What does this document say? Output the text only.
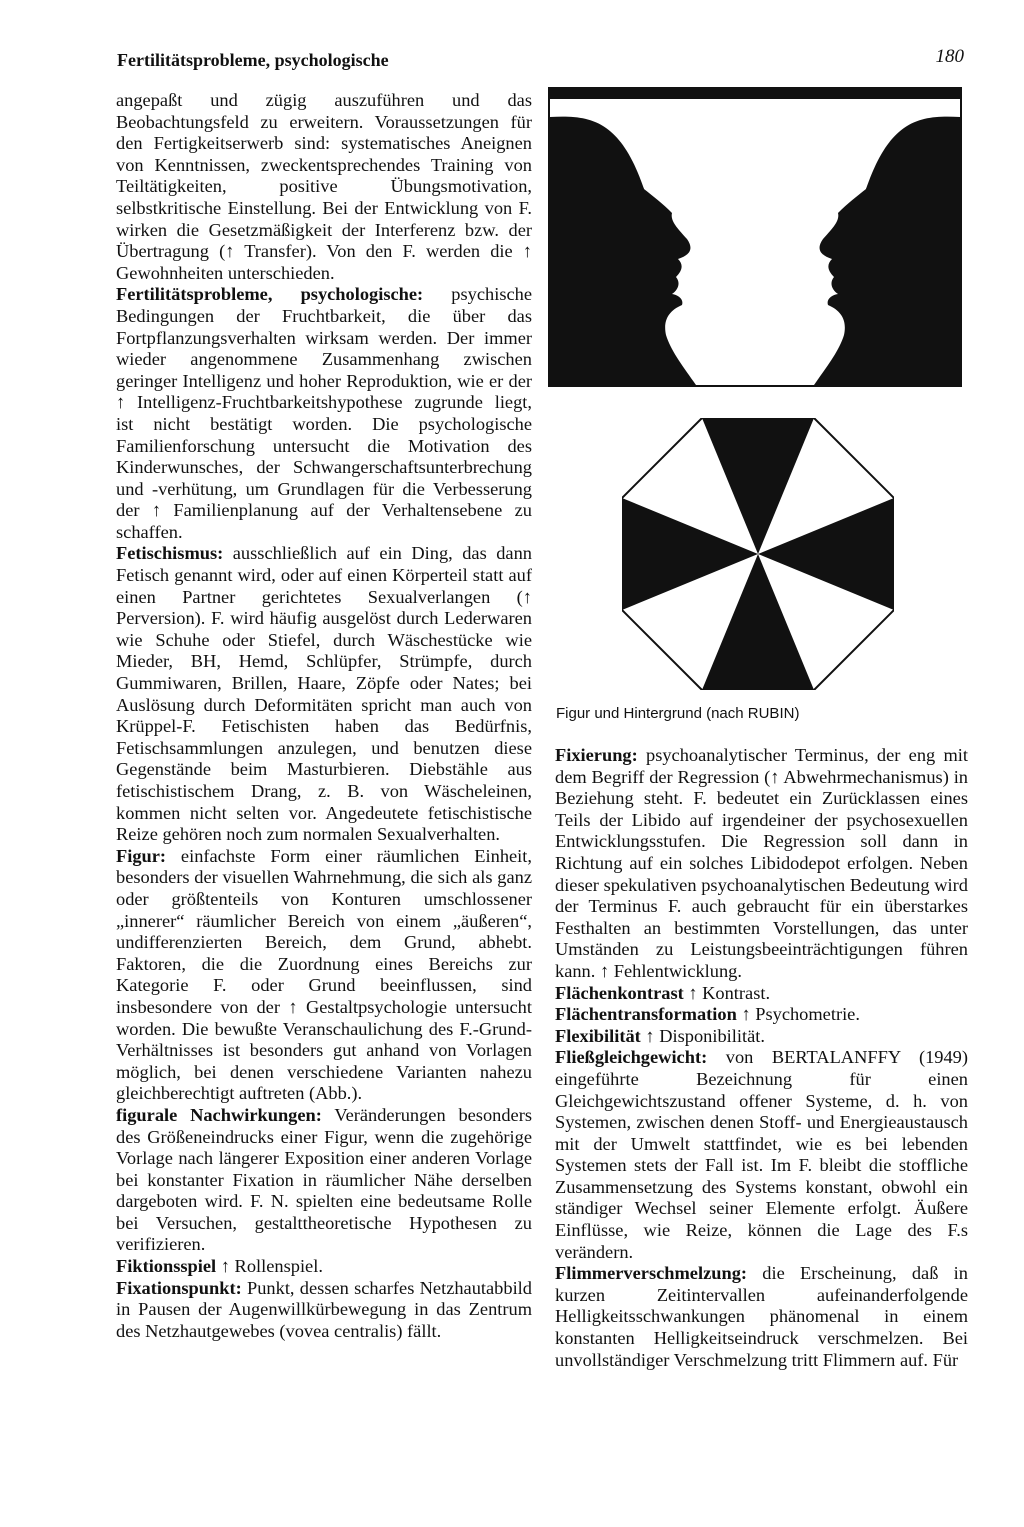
Fertilitätsprobleme, psychologische	180

angepaßt und zügig auszuführen und das Beobachtungsfeld zu erweitern. Voraussetzungen für den Fertigkeitserwerb sind: systematisches Aneignen von Kenntnissen, zweckentsprechendes Training von Teiltätigkeiten, positive Übungsmotivation, selbstkritische Einstellung. Bei der Entwicklung von F. wirken die Gesetzmäßigkeit der Interferenz bzw. der Übertragung (↑ Transfer). Von den F. werden die ↑ Gewohnheiten unterschieden.

Fertilitätsprobleme, psychologische: psychische Bedingungen der Fruchtbarkeit, die über das Fortpflanzungsverhalten wirksam werden. Der immer wieder angenommene Zusammenhang zwischen geringer Intelligenz und hoher Reproduktion, wie er der ↑ Intelligenz-Fruchtbarkeitshypothese zugrunde liegt, ist nicht bestätigt worden. Die psychologische Familienforschung untersucht die Motivation des Kinderwunsches, der Schwangerschaftsunterbrechung und -verhütung, um Grundlagen für die Verbesserung der ↑ Familienplanung auf der Verhaltensebene zu schaffen.

Fetischismus: ausschließlich auf ein Ding, das dann Fetisch genannt wird, oder auf einen Körperteil statt auf einen Partner gerichtetes Sexualverlangen (↑ Perversion). F. wird häufig ausgelöst durch Lederwaren wie Schuhe oder Stiefel, durch Wäschestücke wie Mieder, BH, Hemd, Schlüpfer, Strümpfe, durch Gummiwaren, Brillen, Haare, Zöpfe oder Nates; bei Auslösung durch Deformitäten spricht man auch von Krüppel-F. Fetischisten haben das Bedürfnis, Fetischsammlungen anzulegen, und benutzen diese Gegenstände beim Masturbieren. Diebstähle aus fetischistischem Drang, z. B. von Wäscheleinen, kommen nicht selten vor. Angedeutete fetischistische Reize gehören noch zum normalen Sexualverhalten.

Figur: einfachste Form einer räumlichen Einheit, besonders der visuellen Wahrnehmung, die sich als ganz oder größtenteils von Konturen umschlossener „innerer“ räumlicher Bereich von einem „äußeren“, undifferenzierten Bereich, dem Grund, abhebt. Faktoren, die die Zuordnung eines Bereichs zur Kategorie F. oder Grund beeinflussen, sind insbesondere von der ↑ Gestaltpsychologie untersucht worden. Die bewußte Veranschaulichung des F.-Grund-Verhältnisses ist besonders gut anhand von Vorlagen möglich, bei denen verschiedene Varianten nahezu gleichberechtigt auftreten (Abb.).

figurale Nachwirkungen: Veränderungen besonders des Größeneindrucks einer Figur, wenn die zugehörige Vorlage nach längerer Exposition einer anderen Vorlage bei konstanter Fixation in räumlicher Nähe derselben dargeboten wird. F. N. spielten eine bedeutsame Rolle bei Versuchen, gestalttheoretische Hypothesen zu verifizieren.

Fiktionsspiel ↑ Rollenspiel.

Fixationspunkt: Punkt, dessen scharfes Netzhautabbild in Pausen der Augenwillkürbewegung in das Zentrum des Netzhautgewebes (vovea centralis) fällt.

Figur und Hintergrund (nach RUBIN)

Fixierung: psychoanalytischer Terminus, der eng mit dem Begriff der Regression (↑ Abwehrmechanismus) in Beziehung steht. F. bedeutet ein Zurücklassen eines Teils der Libido auf irgendeiner der psychosexuellen Entwicklungsstufen. Die Regression soll dann in Richtung auf ein solches Libidodepot erfolgen. Neben dieser spekulativen psychoanalytischen Bedeutung wird der Terminus F. auch gebraucht für ein überstarkes Festhalten an bestimmten Vorstellungen, das unter Umständen zu Leistungsbeeinträchtigungen führen kann. ↑ Fehlentwicklung.

Flächenkontrast ↑ Kontrast.

Flächentransformation ↑ Psychometrie.

Flexibilität ↑ Disponibilität.

Fließgleichgewicht: von BERTALANFFY (1949) eingeführte Bezeichnung für einen Gleichgewichtszustand offener Systeme, d. h. von Systemen, zwischen denen Stoff- und Energieaustausch mit der Umwelt stattfindet, wie es bei lebenden Systemen stets der Fall ist. Im F. bleibt die stoffliche Zusammensetzung des Systems konstant, obwohl ein ständiger Wechsel seiner Elemente erfolgt. Äußere Einflüsse, wie Reize, können die Lage des F.s verändern.

Flimmerverschmelzung: die Erscheinung, daß in kurzen Zeitintervallen aufeinanderfolgende Helligkeitsschwankungen phänomenal in einem konstanten Helligkeitseindruck verschmelzen. Bei unvollständiger Verschmelzung tritt Flimmern auf. Für
